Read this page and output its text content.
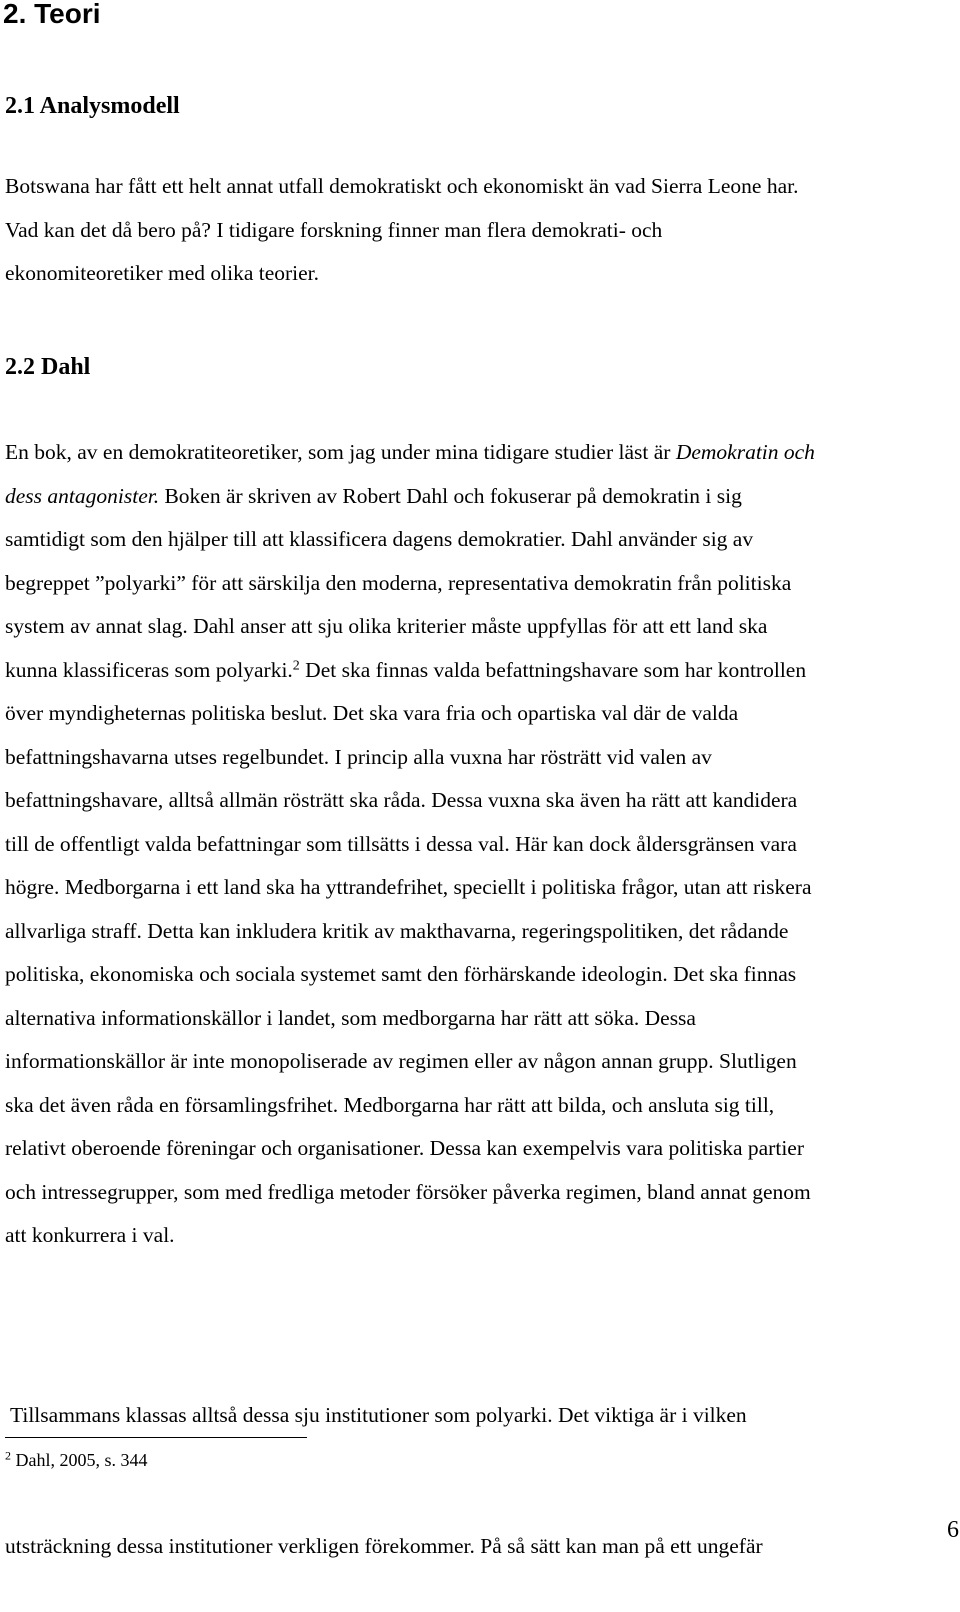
2. Teori
2.1 Analysmodell
Botswana har fått ett helt annat utfall demokratiskt och ekonomiskt än vad Sierra Leone har.
Vad kan det då bero på? I tidigare forskning finner man flera demokrati- och
ekonomiteoretiker med olika teorier.
2.2 Dahl
En bok, av en demokratiteoretiker, som jag under mina tidigare studier läst är Demokratin och
dess antagonister. Boken är skriven av Robert Dahl och fokuserar på demokratin i sig
samtidigt som den hjälper till att klassificera dagens demokratier. Dahl använder sig av
begreppet ”polyarki” för att särskilja den moderna, representativa demokratin från politiska
system av annat slag. Dahl anser att sju olika kriterier måste uppfyllas för att ett land ska
kunna klassificeras som polyarki.$^2$ Det ska finnas valda befattningshavare som har kontrollen
över myndigheternas politiska beslut. Det ska vara fria och opartiska val där de valda
befattningshavarna utses regelbundet. I princip alla vuxna har rösträtt vid valen av
befattningshavare, alltså allmän rösträtt ska råda. Dessa vuxna ska även ha rätt att kandidera
till de offentligt valda befattningar som tillsätts i dessa val. Här kan dock åldersgränsen vara
högre. Medborgarna i ett land ska ha yttrandefrihet, speciellt i politiska frågor, utan att riskera
allvarliga straff. Detta kan inkludera kritik av makthavarna, regeringspolitiken, det rådande
politiska, ekonomiska och sociala systemet samt den förhärskande ideologin. Det ska finnas
alternativa informationskällor i landet, som medborgarna har rätt att söka. Dessa
informationskällor är inte monopoliserade av regimen eller av någon annan grupp. Slutligen
ska det även råda en församlingsfrihet. Medborgarna har rätt att bilda, och ansluta sig till,
relativt oberoende föreningar och organisationer. Dessa kan exempelvis vara politiska partier
och intressegrupper, som med fredliga metoder försöker påverka regimen, bland annat genom
att konkurrera i val.

Tillsammans klassas alltså dessa sju institutioner som polyarki. Det viktiga är i vilken

utsträckning dessa institutioner verkligen förekommer. På så sätt kan man på ett ungefär

$^2$ Dahl, 2005, s. 344

6
